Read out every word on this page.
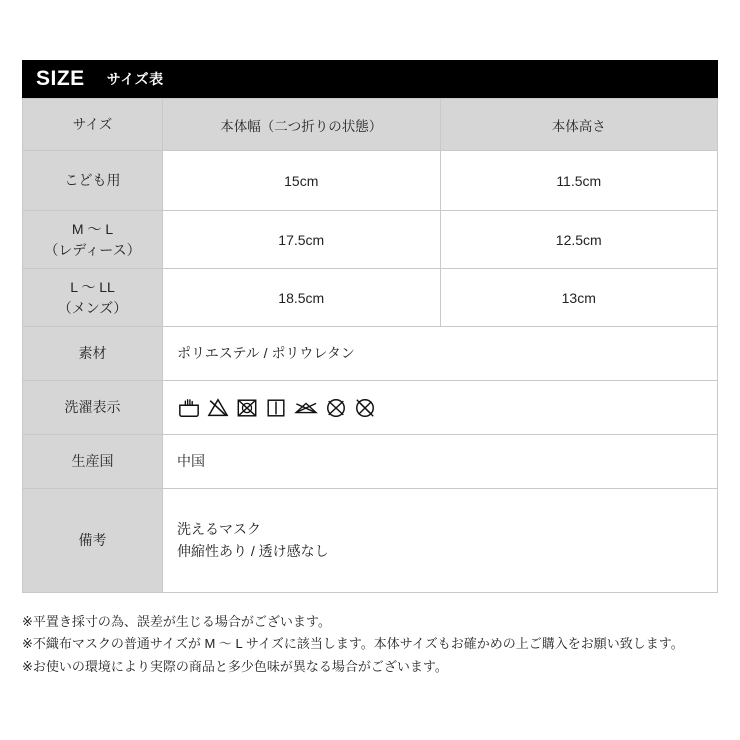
SIZE サイズ表
サイズ	本体幅（二つ折りの状態）	本体高さ
こども用	15cm	11.5cm

M 〜 L
（レディース）	17.5cm	12.5cm

L 〜 LL
（メンズ）	18.5cm	13cm
素材	ポリエステル / ポリウレタン	
洗濯表示	

生産国	中国	
備考	洗えるマスク
伸縮性あり / 透け感なし	
※平置き採寸の為、誤差が生じる場合がございます。
※不織布マスクの普通サイズが M 〜 L サイズに該当します。本体サイズもお確かめの上ご購入をお願い致します。
※お使いの環境により実際の商品と多少色味が異なる場合がございます。
